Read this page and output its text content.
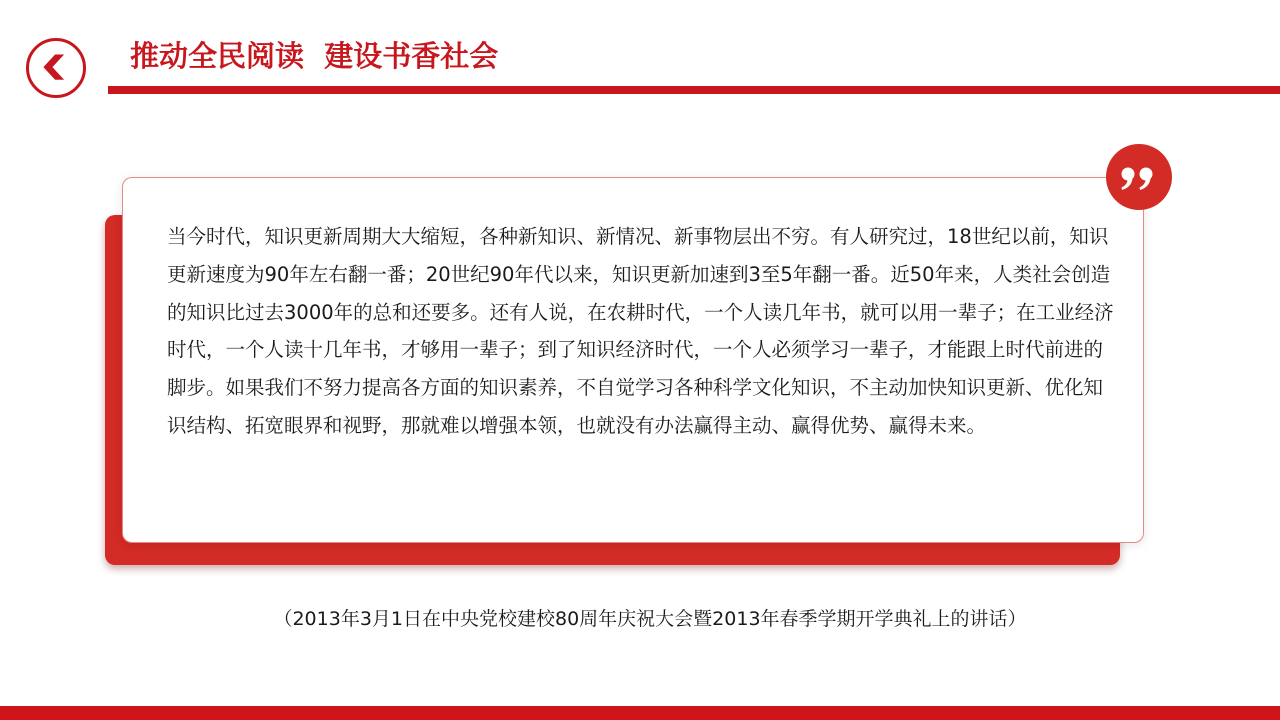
推动全民阅读  建设书香社会
当今时代，知识更新周期大大缩短，各种新知识、新情况、新事物层出不穷。有人研究过，18世纪以前，知识更新速度为90年左右翻一番；20世纪90年代以来，知识更新加速到3至5年翻一番。近50年来，人类社会创造的知识比过去3000年的总和还要多。还有人说，在农耕时代，一个人读几年书，就可以用一辈子；在工业经济时代，一个人读十几年书，才够用一辈子；到了知识经济时代，一个人必须学习一辈子，才能跟上时代前进的脚步。如果我们不努力提高各方面的知识素养，不自觉学习各种科学文化知识，不主动加快知识更新、优化知识结构、拓宽眼界和视野，那就难以增强本领，也就没有办法赢得主动、赢得优势、赢得未来。
（2013年3月1日在中央党校建校80周年庆祝大会暨2013年春季学期开学典礼上的讲话）
